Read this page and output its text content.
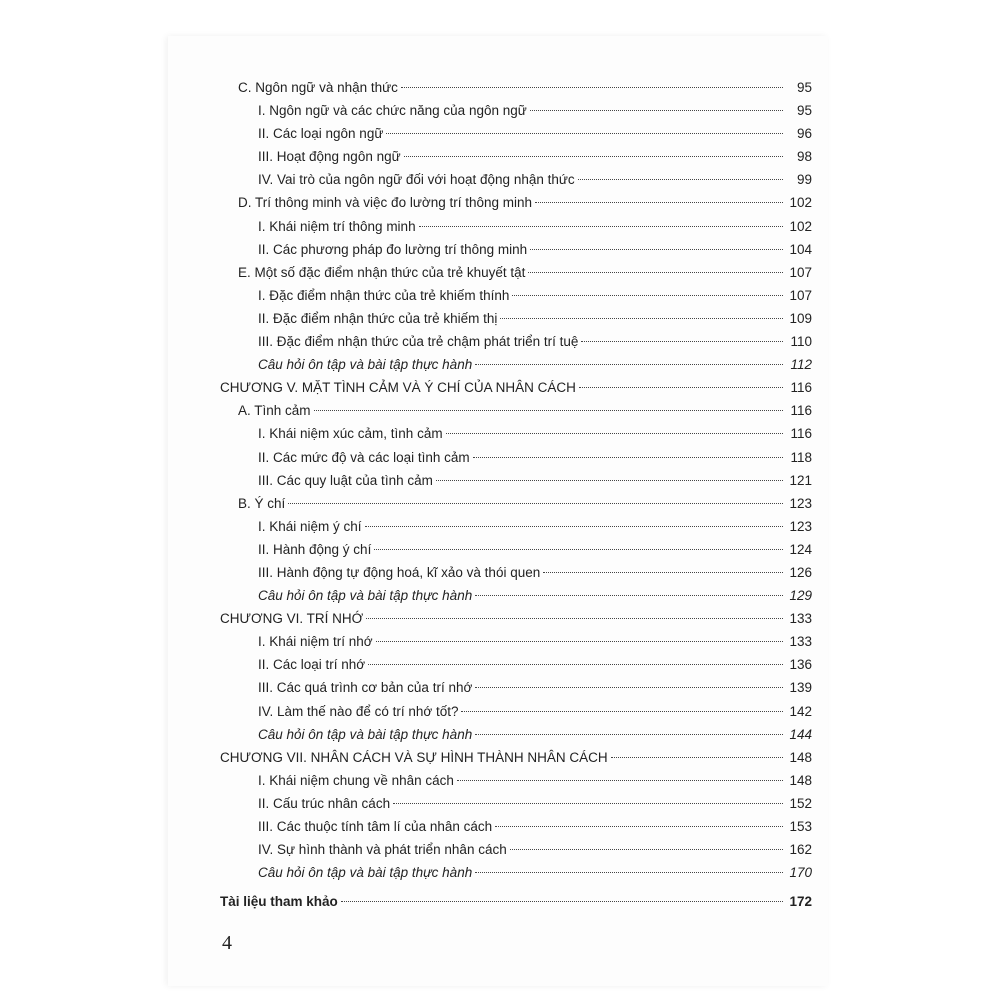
C. Ngôn ngữ và nhận thức	95
I. Ngôn ngữ và các chức năng của ngôn ngữ	95
II. Các loại ngôn ngữ	96
III. Hoạt động ngôn ngữ	98
IV. Vai trò của ngôn ngữ đối với hoạt động nhận thức	99
D. Trí thông minh và việc đo lường trí thông minh	102
I. Khái niệm trí thông minh	102
II. Các phương pháp đo lường trí thông minh	104
E. Một số đặc điểm nhận thức của trẻ khuyết tật	107
I. Đặc điểm nhận thức của trẻ khiếm thính	107
II. Đặc điểm nhận thức của trẻ khiếm thị	109
III. Đặc điểm nhận thức của trẻ chậm phát triển trí tuệ	110
Câu hỏi ôn tập và bài tập thực hành	112
CHƯƠNG V. MẶT TÌNH CẢM VÀ Ý CHÍ CỦA NHÂN CÁCH	116
A. Tình cảm	116
I. Khái niệm xúc cảm, tình cảm	116
II. Các mức độ và các loại tình cảm	118
III. Các quy luật của tình cảm	121
B. Ý chí	123
I. Khái niệm ý chí	123
II. Hành động ý chí	124
III. Hành động tự động hoá, kĩ xảo và thói quen	126
Câu hỏi ôn tập và bài tập thực hành	129
CHƯƠNG VI. TRÍ NHỚ	133
I. Khái niệm trí nhớ	133
II. Các loại trí nhớ	136
III. Các quá trình cơ bản của trí nhớ	139
IV. Làm thế nào để có trí nhớ tốt?	142
Câu hỏi ôn tập và bài tập thực hành	144
CHƯƠNG VII. NHÂN CÁCH VÀ SỰ HÌNH THÀNH NHÂN CÁCH	148
I. Khái niệm chung về nhân cách	148
II. Cấu trúc nhân cách	152
III. Các thuộc tính tâm lí của nhân cách	153
IV. Sự hình thành và phát triển nhân cách	162
Câu hỏi ôn tập và bài tập thực hành	170
Tài liệu tham khảo	172
4
